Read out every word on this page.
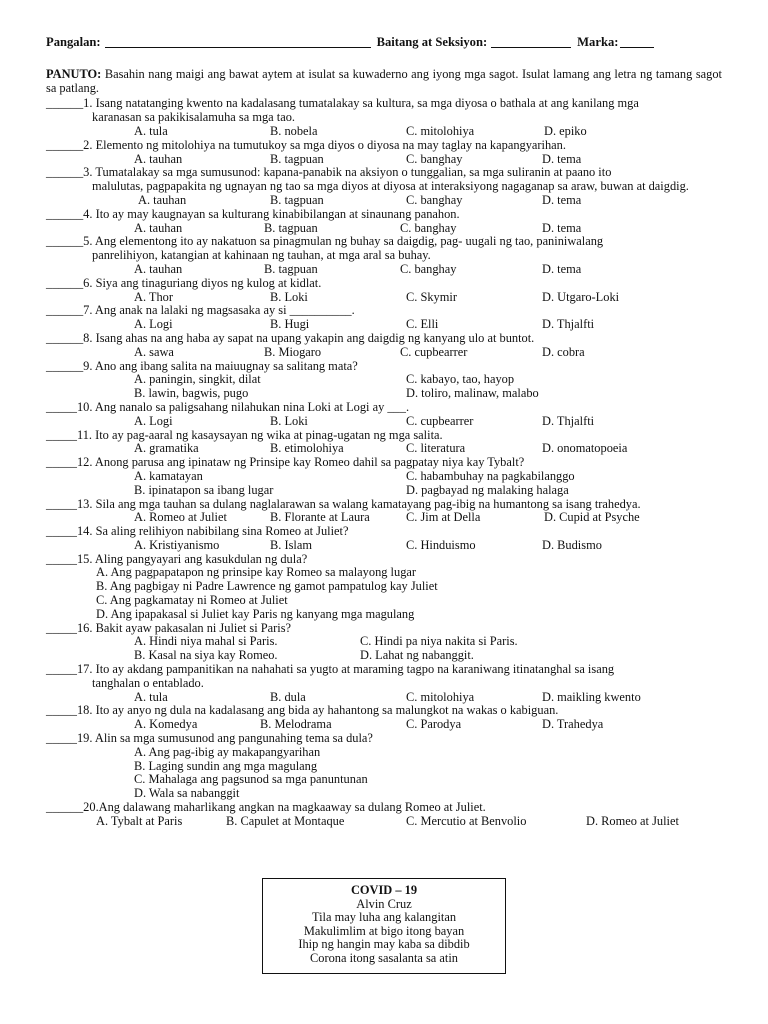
Pangalan:	Baitang at Seksiyon:	Marka:
PANUTO: Basahin nang maigi ang bawat aytem at isulat sa kuwaderno ang iyong mga sagot. Isulat lamang ang letra ng tamang sagot sa patlang.
______ 1. Isang natatanging kwento na kadalasang tumatalakay sa kultura, sa mga diyosa o bathala at ang kanilang mga
karanasan sa pakikisalamuha sa mga tao.
A. tula	B. nobela	C. mitolohiya	D. epiko
______ 2. Elemento ng mitolohiya na tumutukoy sa mga diyos o diyosa na may taglay na kapangyarihan.
A. tauhan	B. tagpuan	C. banghay	D. tema
______ 3. Tumatalakay sa mga sumusunod: kapana-panabik na aksiyon o tunggalian, sa mga suliranin at paano ito
malulutas, pagpapakita ng ugnayan ng tao sa mga diyos at diyosa at interaksiyong nagaganap sa araw, buwan at daigdig.
A. tauhan	B. tagpuan	C. banghay	D. tema
______ 4. Ito ay may kaugnayan sa kulturang kinabibilangan at sinaunang panahon.
A. tauhan	B. tagpuan	C. banghay	D. tema
______ 5. Ang elementong ito ay nakatuon sa pinagmulan ng buhay sa daigdig, pag- uugali ng tao, paniniwalang
panrelihiyon, katangian at kahinaan ng tauhan, at mga aral sa buhay.
A. tauhan	B. tagpuan	C. banghay	D. tema
______ 6. Siya ang tinaguriang diyos ng kulog at kidlat.
A. Thor	B. Loki	C. Skymir	D. Utgaro-Loki
______ 7. Ang anak na lalaki ng magsasaka ay si __________.
A. Logi	B. Hugi	C. Elli	D. Thjalfti
______ 8. Isang ahas na ang haba ay sapat na upang yakapin ang daigdig ng kanyang ulo at buntot.
A. sawa	B. Miogaro	C. cupbearrer	D. cobra
______ 9. Ano ang ibang salita na maiuugnay sa salitang mata?
A. paningin, singkit, dilat	C. kabayo, tao, hayop
B. lawin, bagwis, pugo	D. toliro, malinaw, malabo
_____ 10. Ang nanalo sa paligsahang nilahukan nina Loki at Logi ay ___.
A. Logi	B. Loki	C. cupbearrer	D. Thjalfti
_____ 11. Ito ay pag-aaral ng kasaysayan ng wika at pinag-ugatan ng mga salita.
A. gramatika	B. etimolohiya	C. literatura	D. onomatopoeia
_____ 12. Anong parusa ang ipinataw ng Prinsipe kay Romeo dahil sa pagpatay niya kay Tybalt?
A. kamatayan	C. habambuhay na pagkabilanggo
B. ipinatapon sa ibang lugar	D. pagbayad ng malaking halaga
_____ 13. Sila ang mga tauhan sa dulang naglalarawan sa walang kamatayang pag-ibig na humantong sa isang trahedya.
A. Romeo at Juliet	B. Florante at Laura	C. Jim at Della	D. Cupid at Psyche
_____ 14. Sa aling relihiyon nabibilang sina Romeo at Juliet?
A. Kristiyanismo	B. Islam	C. Hinduismo	D. Budismo
_____ 15. Aling pangyayari ang kasukdulan ng dula?
A. Ang pagpapatapon ng prinsipe kay Romeo sa malayong lugar
B. Ang pagbigay ni Padre Lawrence ng gamot pampatulog kay Juliet
C. Ang pagkamatay ni Romeo at Juliet
D. Ang ipapakasal si Juliet kay Paris ng kanyang mga magulang
_____ 16. Bakit ayaw pakasalan ni Juliet si Paris?
A. Hindi niya mahal si Paris.	C. Hindi pa niya nakita si Paris.
B. Kasal na siya kay Romeo.	D. Lahat ng nabanggit.
_____ 17. Ito ay akdang pampanitikan na nahahati sa yugto at maraming tagpo na karaniwang itinatanghal sa isang
tanghalan o entablado.
A. tula	B. dula	C. mitolohiya	D. maikling kwento
_____ 18. Ito ay anyo ng dula na kadalasang ang bida ay hahantong sa malungkot na wakas o kabiguan.
A. Komedya	B. Melodrama	C. Parodya	D. Trahedya
_____ 19. Alin sa mga sumusunod ang pangunahing tema sa dula?
A. Ang pag-ibig ay makapangyarihan
B. Laging sundin ang mga magulang
C. Mahalaga ang pagsunod sa mga panuntunan
D. Wala sa nabanggit
______ 20.Ang dalawang maharlikang angkan na magkaaway sa dulang Romeo at Juliet.
A. Tybalt at Paris	B. Capulet at Montaque	C. Mercutio at Benvolio	D. Romeo at Juliet
COVID – 19
Alvin Cruz
Tila may luha ang kalangitan
Makulimlim at bigo itong bayan
Ihip ng hangin may kaba sa dibdib
Corona itong sasalanta sa atin
